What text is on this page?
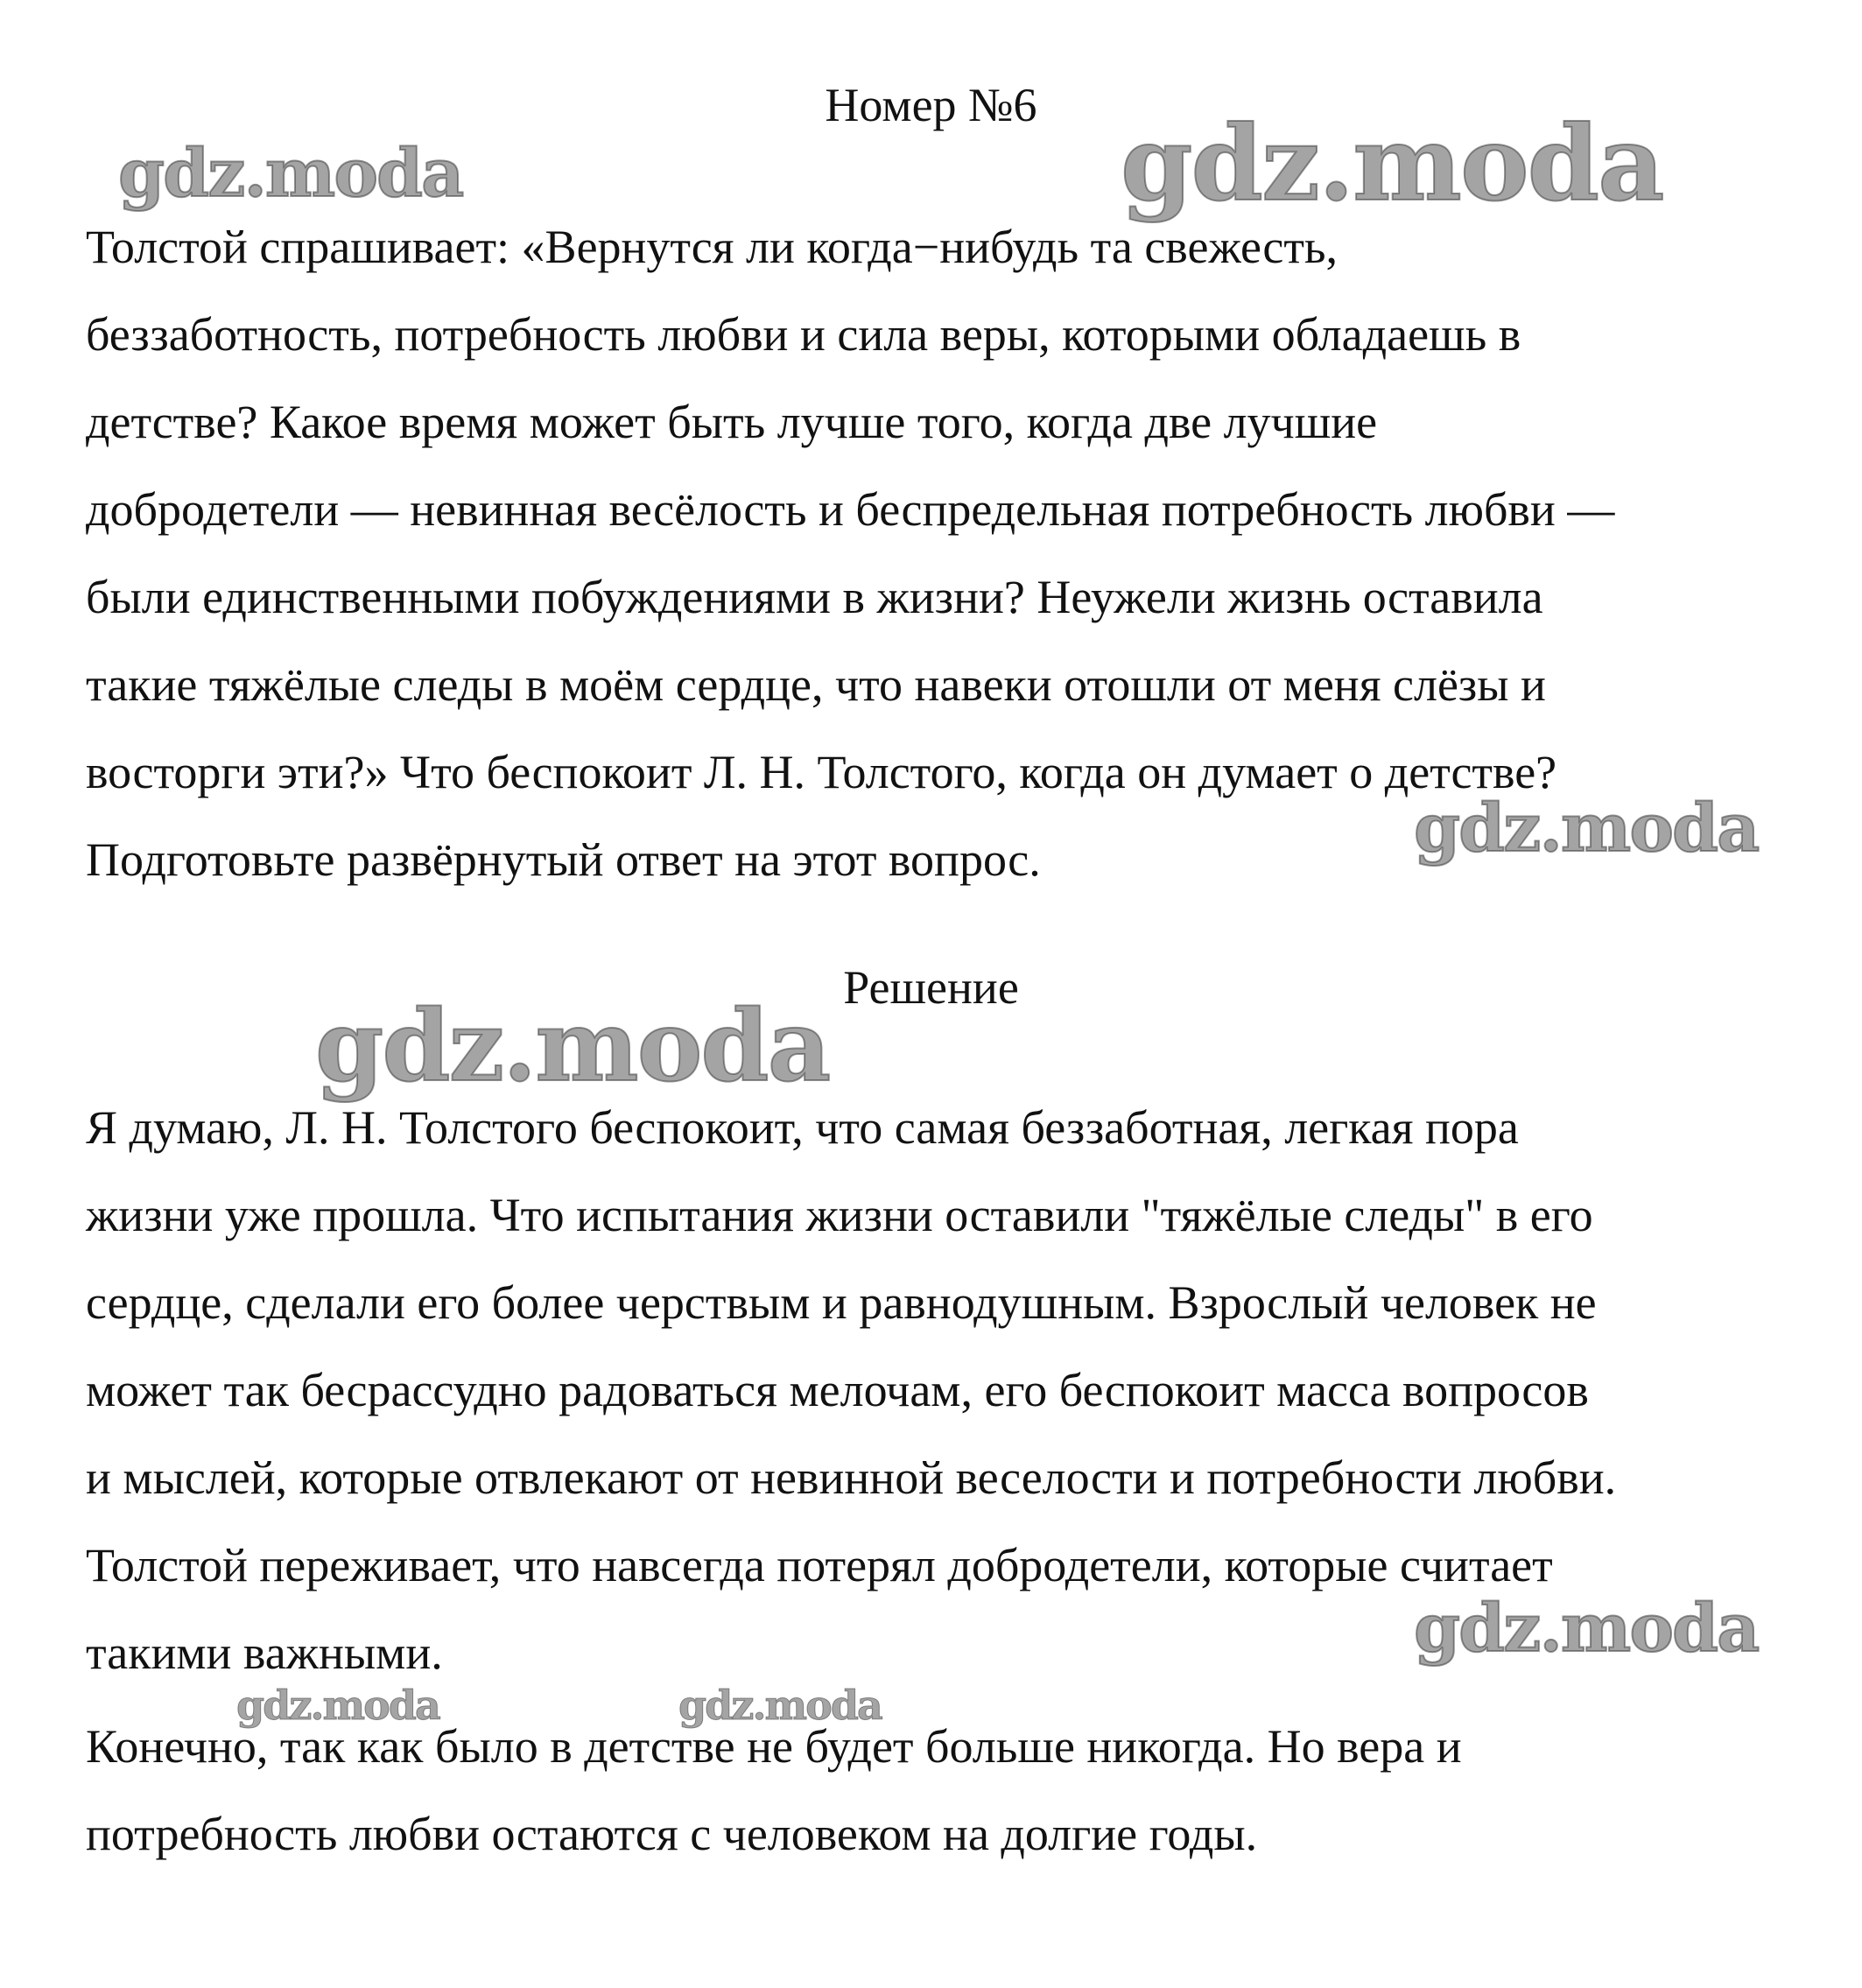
Номер №6
Толстой спрашивает: «Вернутся ли когда−нибудь та свежесть,
беззаботность, потребность любви и сила веры, которыми обладаешь в
детстве? Какое время может быть лучше того, когда две лучшие
добродетели — невинная весёлость и беспредельная потребность любви —
были единственными побуждениями в жизни? Неужели жизнь оставила
такие тяжёлые следы в моём сердце, что навеки отошли от меня слёзы и
восторги эти?» Что беспокоит Л. Н. Толстого, когда он думает о детстве?
Подготовьте развёрнутый ответ на этот вопрос.
Решение
Я думаю, Л. Н. Толстого беспокоит, что самая беззаботная, легкая пора
жизни уже прошла. Что испытания жизни оставили "тяжёлые следы" в его
сердце, сделали его более черствым и равнодушным. Взрослый человек не
может так бесрассудно радоваться мелочам, его беспокоит масса вопросов
и мыслей, которые отвлекают от невинной веселости и потребности любви.
Толстой переживает, что навсегда потерял добродетели, которые считает
такими важными.
Конечно, так как было в детстве не будет больше никогда. Но вера и
потребность любви остаются с человеком на долгие годы.
gdz.moda	gdz.moda
gdz.moda
gdz.moda
gdz.moda
gdz.moda	gdz.moda
